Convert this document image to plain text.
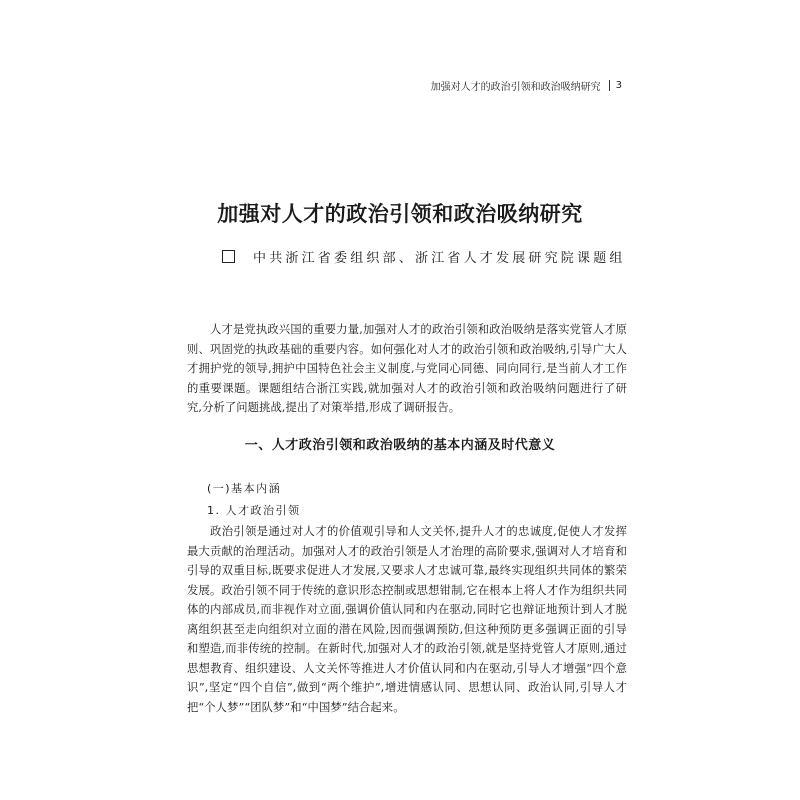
加强对人才的政治引领和政治吸纳研究 3
加强对人才的政治引领和政治吸纳研究
中共浙江省委组织部、浙江省人才发展研究院课题组

人才是党执政兴国的重要力量,加强对人才的政治引领和政治吸纳是落实党管人才原则、巩固党的执政基础的重要内容。如何强化对人才的政治引领和政治吸纳,引导广大人才拥护党的领导,拥护中国特色社会主义制度,与党同心同德、同向同行,是当前人才工作的重要课题。课题组结合浙江实践,就加强对人才的政治引领和政治吸纳问题进行了研究,分析了问题挑战,提出了对策举措,形成了调研报告。

一、人才政治引领和政治吸纳的基本内涵及时代意义
(一)基本内涵
1. 人才政治引领

政治引领是通过对人才的价值观引导和人文关怀,提升人才的忠诚度,促使人才发挥最大贡献的治理活动。加强对人才的政治引领是人才治理的高阶要求,强调对人才培育和引导的双重目标,既要求促进人才发展,又要求人才忠诚可靠,最终实现组织共同体的繁荣发展。政治引领不同于传统的意识形态控制或思想钳制,它在根本上将人才作为组织共同体的内部成员,而非视作对立面,强调价值认同和内在驱动,同时它也辩证地预计到人才脱离组织甚至走向组织对立面的潜在风险,因而强调预防,但这种预防更多强调正面的引导和塑造,而非传统的控制。在新时代,加强对人才的政治引领,就是坚持党管人才原则,通过思想教育、组织建设、人文关怀等推进人才价值认同和内在驱动,引导人才增强“四个意识”,坚定“四个自信”,做到“两个维护”,增进情感认同、思想认同、政治认同,引导人才把“个人梦”“团队梦”和“中国梦”结合起来。
